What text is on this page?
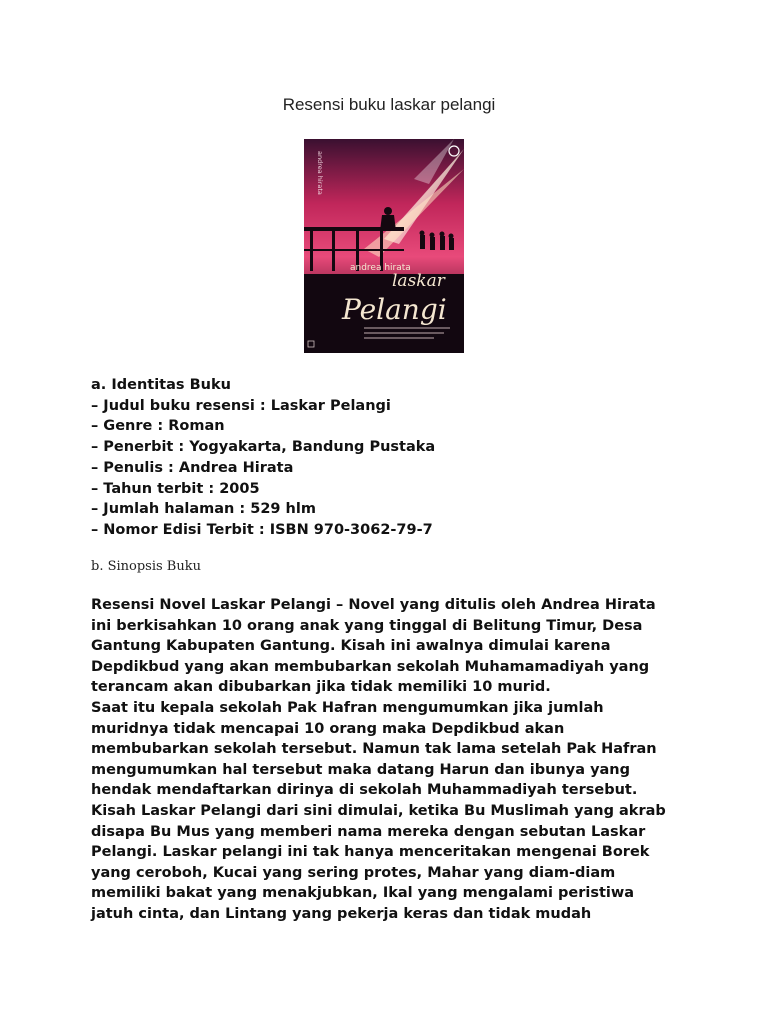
Resensi buku laskar pelangi
andrea hirata
andrea hirata
laskar
Pelangi
a. Identitas Buku
– Judul buku resensi : Laskar Pelangi
– Genre : Roman
– Penerbit : Yogyakarta, Bandung Pustaka
– Penulis : Andrea Hirata
– Tahun terbit : 2005
– Jumlah halaman : 529 hlm
– Nomor Edisi Terbit : ISBN 970-3062-79-7
b. Sinopsis Buku
Resensi Novel Laskar Pelangi – Novel yang ditulis oleh Andrea Hirata
ini berkisahkan 10 orang anak yang tinggal di Belitung Timur, Desa
Gantung Kabupaten Gantung. Kisah ini awalnya dimulai karena
Depdikbud yang akan membubarkan sekolah Muhamamadiyah yang
terancam akan dibubarkan jika tidak memiliki 10 murid.
Saat itu kepala sekolah Pak Hafran mengumumkan jika jumlah
muridnya tidak mencapai 10 orang maka Depdikbud akan
membubarkan sekolah tersebut. Namun tak lama setelah Pak Hafran
mengumumkan hal tersebut maka datang Harun dan ibunya yang
hendak mendaftarkan dirinya di sekolah Muhammadiyah tersebut.
Kisah Laskar Pelangi dari sini dimulai, ketika Bu Muslimah yang akrab
disapa Bu Mus yang memberi nama mereka dengan sebutan Laskar
Pelangi. Laskar pelangi ini tak hanya menceritakan mengenai Borek
yang ceroboh, Kucai yang sering protes, Mahar yang diam-diam
memiliki bakat yang menakjubkan, Ikal yang mengalami peristiwa
jatuh cinta, dan Lintang yang pekerja keras dan tidak mudah
